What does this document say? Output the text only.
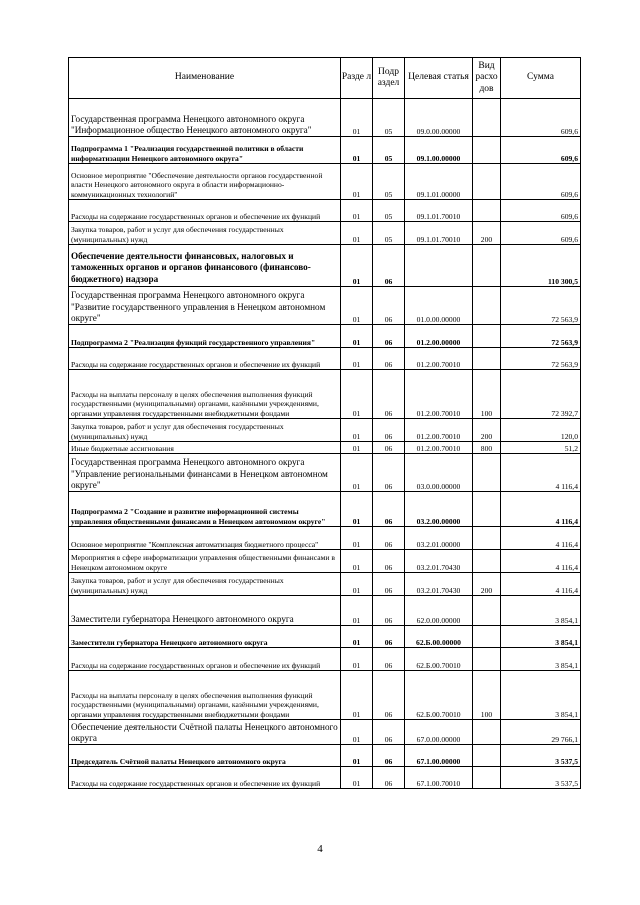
Наименование	Разде л	Подр аздел	Целевая статья	Вид расхо дов	Сумма
Государственная программа Ненецкого автономного округа "Информационное общество Ненецкого автономного округа"	01	05	09.0.00.00000		609,6
Подпрограмма 1 "Реализация государственной политики в области информатизации Ненецкого автономного округа"	01	05	09.1.00.00000		609,6
Основное мероприятие "Обеспечение деятельности органов государственной власти Ненецкого автономного округа в области информационно-коммуникационных технологий"	01	05	09.1.01.00000		609,6
Расходы на содержание государственных органов и обеспечение их функций	01	05	09.1.01.70010		609,6
Закупка товаров, работ и услуг для обеспечения государственных (муниципальных) нужд	01	05	09.1.01.70010	200	609,6
Обеспечение деятельности финансовых, налоговых и таможенных органов и органов финансового (финансово-бюджетного) надзора	01	06			110 300,5
Государственная программа Ненецкого автономного округа "Развитие государственного управления в Ненецком автономном округе"	01	06	01.0.00.00000		72 563,9
Подпрограмма 2 "Реализация функций государственного управления"	01	06	01.2.00.00000		72 563,9
Расходы на содержание государственных органов и обеспечение их функций	01	06	01.2.00.70010		72 563,9
Расходы на выплаты персоналу в целях обеспечения выполнения функций государственными (муниципальными) органами, казёнными учреждениями, органами управления государственными внебюджетными фондами	01	06	01.2.00.70010	100	72 392,7
Закупка товаров, работ и услуг для обеспечения государственных (муниципальных) нужд	01	06	01.2.00.70010	200	120,0
Иные бюджетные ассигнования	01	06	01.2.00.70010	800	51,2
Государственная программа Ненецкого автономного округа "Управление региональными финансами в Ненецком автономном округе"	01	06	03.0.00.00000		4 116,4
Подпрограмма 2 "Создание и развитие информационной системы управления общественными финансами в Ненецком автономном округе"	01	06	03.2.00.00000		4 116,4
Основное мероприятие "Комплексная автоматизация бюджетного процесса"	01	06	03.2.01.00000		4 116,4
Мероприятия в сфере информатизации управления общественными финансами в Ненецком автономном округе	01	06	03.2.01.70430		4 116,4
Закупка товаров, работ и услуг для обеспечения государственных (муниципальных) нужд	01	06	03.2.01.70430	200	4 116,4
Заместители губернатора Ненецкого автономного округа	01	06	62.0.00.00000		3 854,1
Заместители губернатора Ненецкого автономного округа	01	06	62.Б.00.00000		3 854,1
Расходы на содержание государственных органов и обеспечение их функций	01	06	62.Б.00.70010		3 854,1
Расходы на выплаты персоналу в целях обеспечения выполнения функций государственными (муниципальными) органами, казёнными учреждениями, органами управления государственными внебюджетными фондами	01	06	62.Б.00.70010	100	3 854,1
Обеспечение деятельности Счётной палаты Ненецкого автономного округа	01	06	67.0.00.00000		29 766,1
Председатель Счётной палаты Ненецкого автономного округа	01	06	67.1.00.00000		3 537,5
Расходы на содержание государственных органов и обеспечение их функций	01	06	67.1.00.70010		3 537,5
4
